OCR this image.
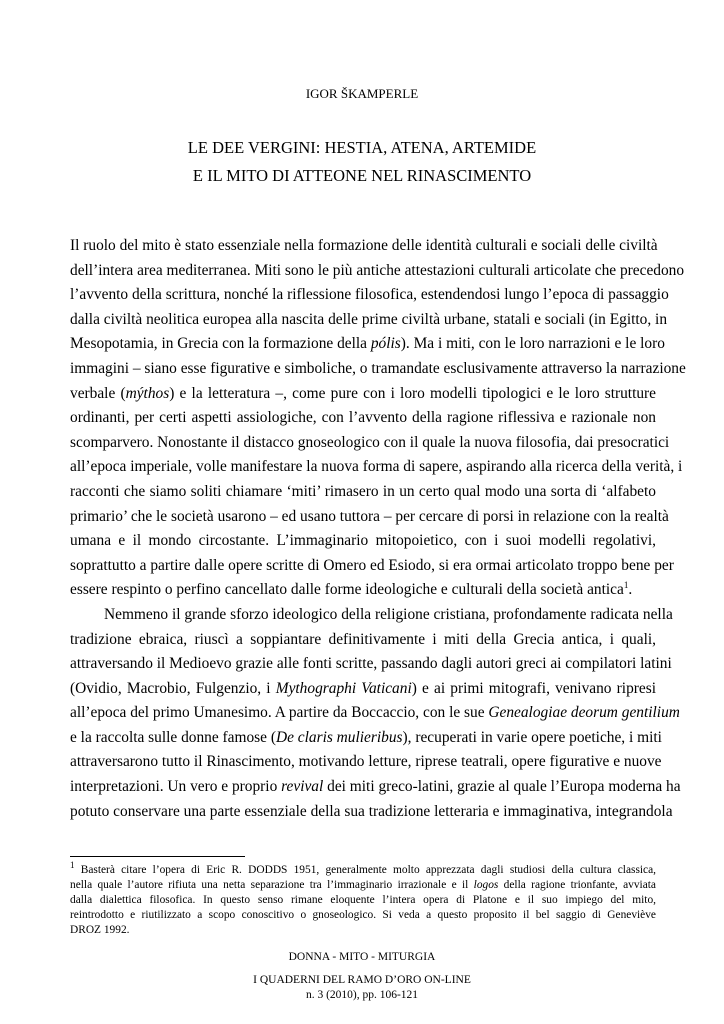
IGOR ŠKAMPERLE

LE DEE VERGINI: HESTIA, ATENA, ARTEMIDE
E IL MITO DI ATTEONE NEL RINASCIMENTO
Il ruolo del mito è stato essenziale nella formazione delle identità culturali e sociali delle civiltà
dell’intera area mediterranea. Miti sono le più antiche attestazioni culturali articolate che precedono
l’avvento della scrittura, nonché la riflessione filosofica, estendendosi lungo l’epoca di passaggio
dalla civiltà neolitica europea alla nascita delle prime civiltà urbane, statali e sociali (in Egitto, in
Mesopotamia, in Grecia con la formazione della pólis). Ma i miti, con le loro narrazioni e le loro
immagini – siano esse figurative e simboliche, o tramandate esclusivamente attraverso la narrazione
verbale (mýthos) e la letteratura –, come pure con i loro modelli tipologici e le loro strutture
ordinanti, per certi aspetti assiologiche, con l’avvento della ragione riflessiva e razionale non
scomparvero. Nonostante il distacco gnoseologico con il quale la nuova filosofia, dai presocratici
all’epoca imperiale, volle manifestare la nuova forma di sapere, aspirando alla ricerca della verità, i
racconti che siamo soliti chiamare ‘miti’ rimasero in un certo qual modo una sorta di ‘alfabeto
primario’ che le società usarono – ed usano tuttora – per cercare di porsi in relazione con la realtà
umana e il mondo circostante. L’immaginario mitopoietico, con i suoi modelli regolativi,
soprattutto a partire dalle opere scritte di Omero ed Esiodo, si era ormai articolato troppo bene per
essere respinto o perfino cancellato dalle forme ideologiche e culturali della società antica$^1$.
Nemmeno il grande sforzo ideologico della religione cristiana, profondamente radicata nella
tradizione ebraica, riuscì a soppiantare definitivamente i miti della Grecia antica, i quali,
attraversando il Medioevo grazie alle fonti scritte, passando dagli autori greci ai compilatori latini
(Ovidio, Macrobio, Fulgenzio, i Mythographi Vaticani) e ai primi mitografi, venivano ripresi
all’epoca del primo Umanesimo. A partire da Boccaccio, con le sue Genealogiae deorum gentilium
e la raccolta sulle donne famose (De claris mulieribus), recuperati in varie opere poetiche, i miti
attraversarono tutto il Rinascimento, motivando letture, riprese teatrali, opere figurative e nuove
interpretazioni. Un vero e proprio revival dei miti greco-latini, grazie al quale l’Europa moderna ha
potuto conservare una parte essenziale della sua tradizione letteraria e immaginativa, integrandola
$^1$ Basterà citare l’opera di Eric R. DODDS 1951, generalmente molto apprezzata dagli studiosi della cultura classica,
nella quale l’autore rifiuta una netta separazione tra l’immaginario irrazionale e il logos della ragione trionfante, avviata
dalla dialettica filosofica. In questo senso rimane eloquente l’intera opera di Platone e il suo impiego del mito,
reintrodotto e riutilizzato a scopo conoscitivo o gnoseologico. Si veda a questo proposito il bel saggio di Geneviève
DROZ 1992.
DONNA - MITO - MITURGIA
I QUADERNI DEL RAMO D’ORO ON-LINE
n. 3 (2010), pp. 106-121
